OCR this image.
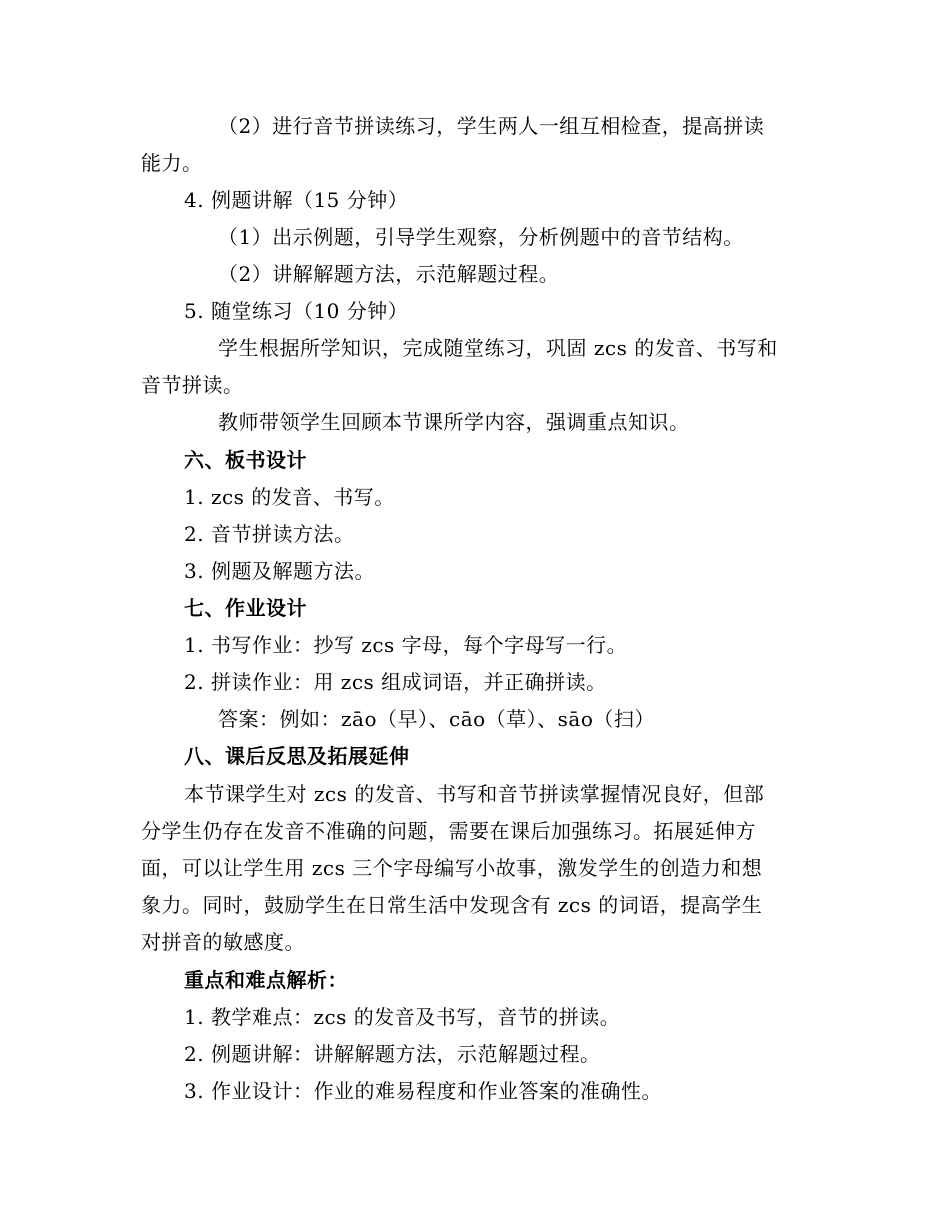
（2）进行音节拼读练习，学生两人一组互相检查，提高拼读
能力。
4. 例题讲解（15 分钟）
（1）出示例题，引导学生观察，分析例题中的音节结构。
（2）讲解解题方法，示范解题过程。
5. 随堂练习（10 分钟）
学生根据所学知识，完成随堂练习，巩固 zcs 的发音、书写和
音节拼读。
教师带领学生回顾本节课所学内容，强调重点知识。
六、板书设计
1. zcs 的发音、书写。
2. 音节拼读方法。
3. 例题及解题方法。
七、作业设计
1. 书写作业：抄写 zcs 字母，每个字母写一行。
2. 拼读作业：用 zcs 组成词语，并正确拼读。
答案：例如：zāo（早）、cāo（草）、sāo（扫）
八、课后反思及拓展延伸
本节课学生对 zcs 的发音、书写和音节拼读掌握情况良好，但部
分学生仍存在发音不准确的问题，需要在课后加强练习。拓展延伸方
面，可以让学生用 zcs 三个字母编写小故事，激发学生的创造力和想
象力。同时，鼓励学生在日常生活中发现含有 zcs 的词语，提高学生
对拼音的敏感度。
重点和难点解析：
1. 教学难点：zcs 的发音及书写，音节的拼读。
2. 例题讲解：讲解解题方法，示范解题过程。
3. 作业设计：作业的难易程度和作业答案的准确性。
